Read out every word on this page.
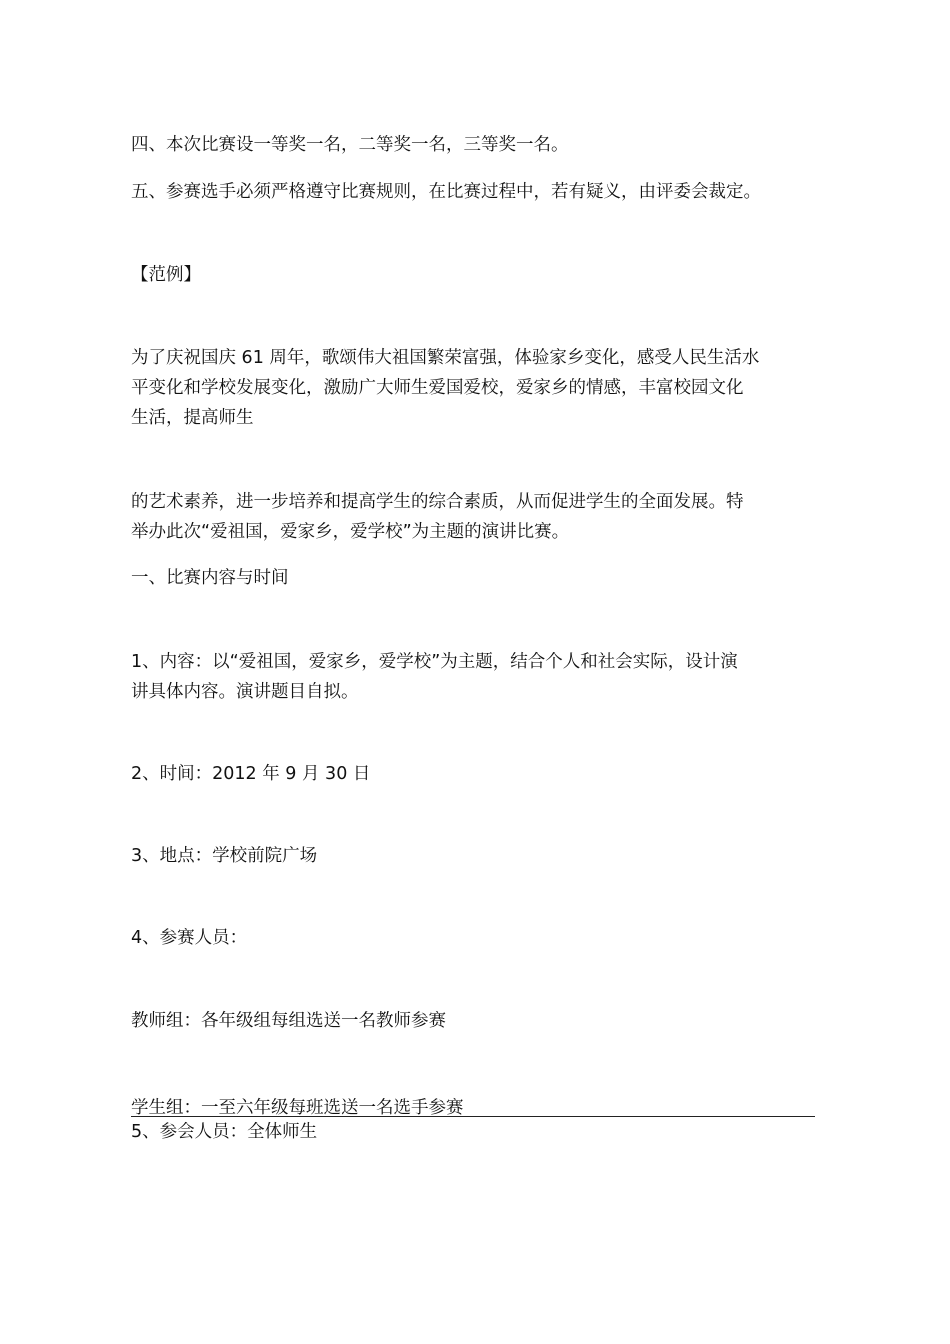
四、本次比赛设一等奖一名，二等奖一名，三等奖一名。

五、参赛选手必须严格遵守比赛规则，在比赛过程中，若有疑义，由评委会裁定。

【范例】

为了庆祝国庆 61 周年，歌颂伟大祖国繁荣富强，体验家乡变化，感受人民生活水

平变化和学校发展变化，激励广大师生爱国爱校，爱家乡的情感，丰富校园文化

生活，提高师生

的艺术素养，进一步培养和提高学生的综合素质，从而促进学生的全面发展。特

举办此次“爱祖国，爱家乡，爱学校”为主题的演讲比赛。

一、比赛内容与时间

1、内容：以“爱祖国，爱家乡，爱学校”为主题，结合个人和社会实际，设计演

讲具体内容。演讲题目自拟。

2、时间：2012 年 9 月 30 日

3、地点：学校前院广场

4、参赛人员：

教师组：各年级组每组选送一名教师参赛

学生组：一至六年级每班选送一名选手参赛

5、参会人员：全体师生
